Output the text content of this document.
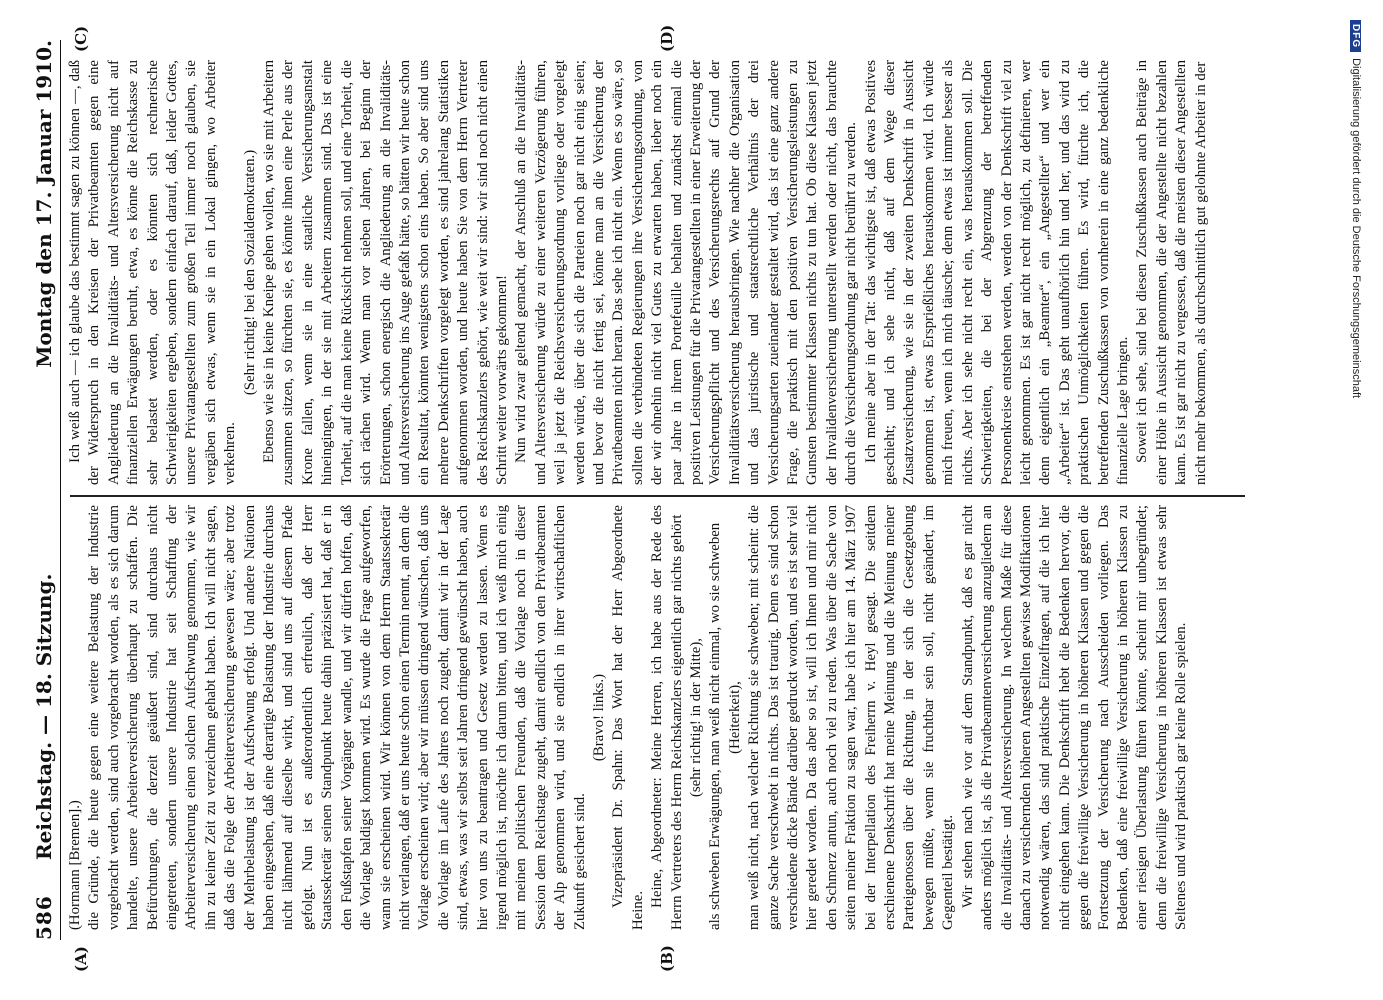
586
Reichstag. — 18. Sitzung.
Montag den 17. Januar 1910.
(A)	(B)
(C)	(D)

(Hormann [Bremen].) die Gründe, die heute gegen eine weitere Belastung der Industrie vorgebracht werden, sind auch vorgebracht worden, als es sich darum handelte, unsere Arbeiterversicherung überhaupt zu schaffen. Die Befürchtungen, die derzeit geäußert sind, sind durchaus nicht eingetreten, sondern unsere Industrie hat seit Schaffung der Arbeiterversicherung einen solchen Aufschwung genommen, wie wir ihn zu keiner Zeit zu verzeichnen gehabt haben. Ich will nicht sagen, daß das die Folge der Arbeiterversicherung gewesen wäre; aber trotz der Mehrbelastung ist der Aufschwung erfolgt. Und andere Nationen haben eingesehen, daß eine derartige Belastung der Industrie durchaus nicht lähmend auf dieselbe wirkt, und sind uns auf diesem Pfade gefolgt. Nun ist es außerordentlich erfreulich, daß der Herr Staatssekretär seinen Standpunkt heute dahin präzisiert hat, daß er in den Fußstapfen seiner Vorgänger wandle, und wir dürfen hoffen, daß die Vorlage baldigst kommen wird. Es wurde die Frage aufgeworfen, wann sie erscheinen wird. Wir können von dem Herrn Staatssekretär nicht verlangen, daß er uns heute schon einen Termin nennt, an dem die Vorlage erscheinen wird; aber wir müssen dringend wünschen, daß uns die Vorlage im Laufe des Jahres noch zugeht, damit wir in der Lage sind, etwas, was wir selbst seit Jahren dringend gewünscht haben, auch hier von uns zu beantragen und Gesetz werden zu lassen. Wenn es irgend möglich ist, möchte ich darum bitten, und ich weiß mich einig mit meinen politischen Freunden, daß die Vorlage noch in dieser Session dem Reichstage zugeht, damit endlich von den Privatbeamten der Alp genommen wird, und sie endlich in ihrer wirtschaftlichen Zukunft gesichert sind.

(Bravo! links.) Vizepräsident Dr. Spahn: Das Wort hat der Herr Abgeordnete Heine.

Heine, Abgeordneter: Meine Herren, ich habe aus der Rede des Herrn Vertreters des Herrn Reichskanzlers eigentlich gar nichts gehört (sehr richtig! in der Mitte), als schweben Erwägungen, man weiß nicht einmal, wo sie schweben (Heiterkeit), man weiß nicht, nach welcher Richtung sie schweben; mit scheint: die ganze Sache verschwebt in nichts. Das ist traurig. Denn es sind schon verschiedene dicke Bände darüber gedruckt worden, und es ist sehr viel hier geredet worden. Da das aber so ist, will ich Ihnen und mir nicht den Schmerz antun, auch noch viel zu reden. Was über die Sache von seiten meiner Fraktion zu sagen war, habe ich hier am 14. März 1907 bei der Interpellation des Freiherrn v. Heyl gesagt. Die seitdem erschienene Denkschrift hat meine Meinung und die Meinung meiner Parteigenossen über die Richtung, in der sich die Gesetzgebung bewegen müßte, wenn sie fruchtbar sein soll, nicht geändert, im Gegenteil bestätigt. Wir stehen nach wie vor auf dem Standpunkt, daß es gar nicht anders möglich ist, als die Privatbeamtenversicherung anzugliedern an die Invaliditäts- und Altersversicherung. In welchem Maße für diese danach zu versichernden höheren Angestellten gewisse Modifikationen notwendig wären, das sind praktische Einzelfragen, auf die ich hier nicht eingehen kann. Die Denkschrift hebt die Bedenken hervor, die gegen die freiwillige Versicherung in höheren Klassen und gegen die Fortsetzung der Versicherung nach Ausscheiden vorliegen. Das Bedenken, daß eine freiwillige Versicherung in höheren Klassen zu einer riesigen Überlastung führen könnte, scheint mir unbegründet; denn die freiwillige Versicherung in höheren Klassen ist etwas sehr Seltenes und wird praktisch gar keine Rolle spielen.

Ich weiß auch — ich glaube das bestimmt sagen zu können —, daß der Widerspruch in den Kreisen der Privatbeamten gegen eine Angliederung an die Invaliditäts- und Altersversicherung nicht auf finanziellen Erwägungen beruht, etwa, es könne die Reichskasse zu sehr belastet werden, oder es könnten sich rechnerische Schwierigkeiten ergeben, sondern einfach darauf, daß, leider Gottes, unsere Privatangestellten zum großen Teil immer noch glauben, sie vergäben sich etwas, wenn sie in ein Lokal gingen, wo Arbeiter verkehren.

(Sehr richtig! bei den Sozialdemokraten.) Ebenso wie sie in keine Kneipe gehen wollen, wo sie mit Arbeitern zusammen sitzen, so fürchten sie, es könnte ihnen eine Perle aus der Krone fallen, wenn sie in eine staatliche Versicherungsanstalt hineingingen, in der sie mit Arbeitern zusammen sind. Das ist eine Torheit, auf die man keine Rücksicht nehmen soll, und eine Torheit, die sich rächen wird. Wenn man vor sieben Jahren, bei Beginn der Erörterungen, schon energisch die Angliederung an die Invaliditäts- und Altersversicherung ins Auge gefaßt hätte, so hätten wir heute schon ein Resultat, könnten wenigstens schon eins haben. So aber sind uns mehrere Denkschriften vorgelegt worden, es sind jahrelang Statistiken aufgenommen worden, und heute haben Sie von dem Herrn Vertreter des Reichskanzlers gehört, wie weit wir sind: wir sind noch nicht einen Schritt weiter vorwärts gekommen! Nun wird zwar geltend gemacht, der Anschluß an die Invaliditäts- und Altersversicherung würde zu einer weiteren Verzögerung führen, weil ja jetzt die Reichsversicherungsordnung vorliege oder vorgelegt werden würde, über die sich die Parteien noch gar nicht einig seien; und bevor die nicht fertig sei, könne man an die Versicherung der Privatbeamten nicht heran. Das sehe ich nicht ein. Wenn es so wäre, so sollten die verbündeten Regierungen ihre Versicherungsordnung, von der wir ohnehin nicht viel Gutes zu erwarten haben, lieber noch ein paar Jahre in ihrem Portefeuille behalten und zunächst einmal die positiven Leistungen für die Privatangestellten in einer Erweiterung der Versicherungspflicht und des Versicherungsrechts auf Grund der Invaliditätsversicherung herausbringen. Wie nachher die Organisation und das juristische und staatsrechtliche Verhältnis der drei Versicherungsarten zueinander gestaltet wird, das ist eine ganz andere Frage, die praktisch mit den positiven Versicherungsleistungen zu Gunsten bestimmter Klassen nichts zu tun hat. Ob diese Klassen jetzt der Invalidenversicherung unterstellt werden oder nicht, das brauchte durch die Versicherungsordnung gar nicht berührt zu werden. Ich meine aber in der Tat: das wichtigste ist, daß etwas Positives geschieht; und ich sehe nicht, daß auf dem Wege dieser Zusatzversicherung, wie sie in der zweiten Denkschrift in Aussicht genommen ist, etwas Ersprießliches herauskommen wird. Ich würde mich freuen, wenn ich mich täusche; denn etwas ist immer besser als nichts. Aber ich sehe nicht recht ein, was herauskommen soll. Die Schwierigkeiten, die bei der Abgrenzung der betreffenden Personenkreise entstehen werden, werden von der Denkschrift viel zu leicht genommen. Es ist gar nicht recht möglich, zu definieren, wer denn eigentlich ein „Beamter“, ein „Angestellter“ und wer ein „Arbeiter“ ist. Das geht unaufhörlich hin und her, und das wird zu praktischen Unmöglichkeiten führen. Es wird, fürchte ich, die betreffenden Zuschußkassen von vornherein in eine ganz bedenkliche finanzielle Lage bringen. Soweit ich sehe, sind bei diesen Zuschußkassen auch Beiträge in einer Höhe in Aussicht genommen, die der Angestellte nicht bezahlen kann. Es ist gar nicht zu vergessen, daß die meisten dieser Angestellten nicht mehr bekommen, als durchschnittlich gut gelohnte Arbeiter in der

DFGDigitalisierung gefördert durch die Deutsche Forschungsgemeinschaft
